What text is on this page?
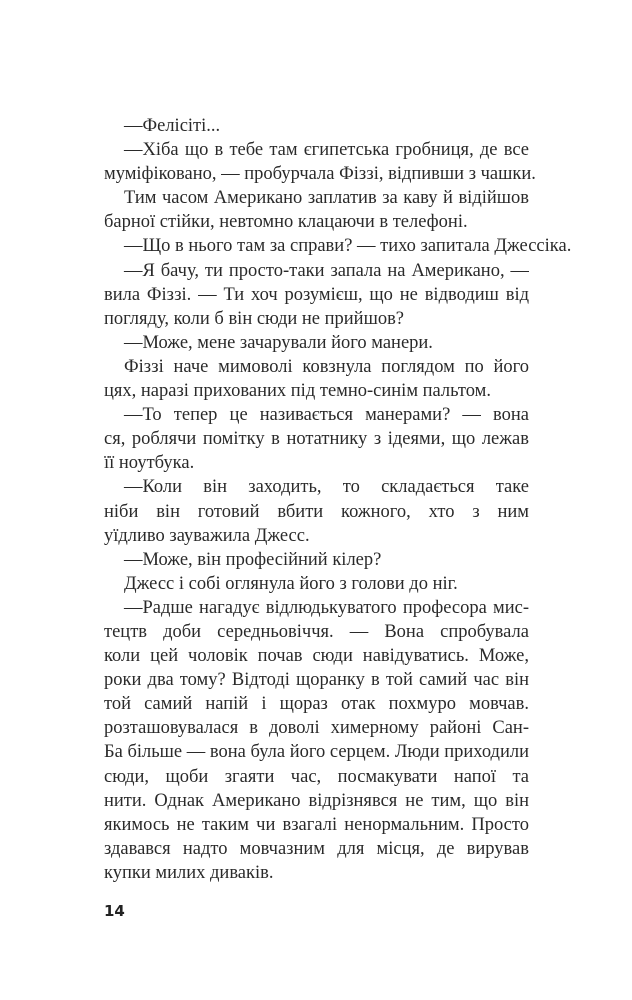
—Фелісіті...
—Хіба що в тебе там єгипетська гробниця, де все
муміфіковано, — пробурчала Фіззі, відпивши з чашки.
Тим часом Американо заплатив за каву й відійшов
барної стійки, невтомно клацаючи в телефоні.
—Що в нього там за справи? — тихо запитала Джессіка.
—Я бачу, ти просто-таки запала на Американо, —
вила Фіззі. — Ти хоч розумієш, що не відводиш від
погляду, коли б він сюди не прийшов?
—Може, мене зачарували його манери.
Фіззі наче мимоволі ковзнула поглядом по його
цях, наразі прихованих під темно-синім пальтом.
—То тепер це називається манерами? — вона
ся, роблячи помітку в нотатнику з ідеями, що лежав
її ноутбука.
—Коли він заходить, то складається таке
ніби він готовий вбити кожного, хто з ним
уїдливо зауважила Джесс.
—Може, він професійний кілер?
Джесс і собі оглянула його з голови до ніг.
—Радше нагадує відлюдькуватого професора мис-
тецтв доби середньовіччя. — Вона спробувала
коли цей чоловік почав сюди навідуватись. Може,
роки два тому? Відтоді щоранку в той самий час він
той самий напій і щораз отак похмуро мовчав.
розташовувалася в доволі химерному районі Сан-
Ба більше — вона була його серцем. Люди приходили
сюди, щоби згаяти час, посмакувати напої та
нити. Однак Американо відрізнявся не тим, що він
якимось не таким чи взагалі ненормальним. Просто
здавався надто мовчазним для місця, де вирував
купки милих диваків.
14
